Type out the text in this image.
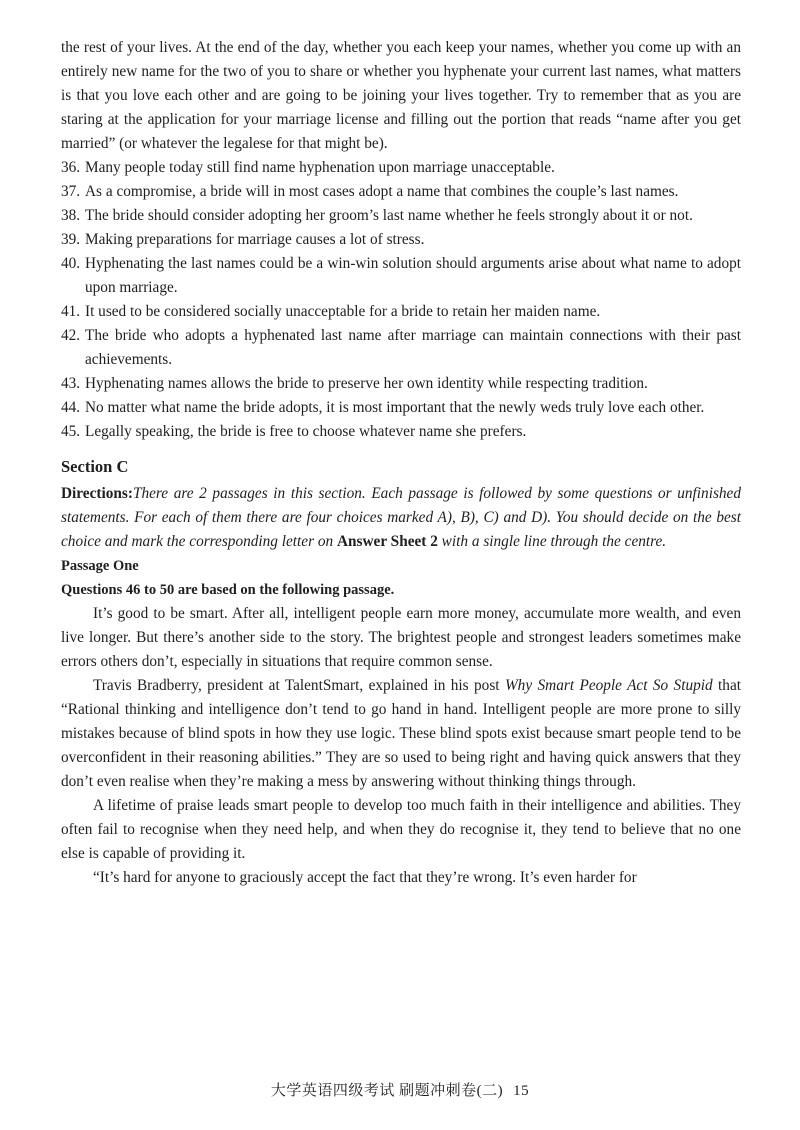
the rest of your lives. At the end of the day, whether you each keep your names, whether you come up with an entirely new name for the two of you to share or whether you hyphenate your current last names, what matters is that you love each other and are going to be joining your lives together. Try to remember that as you are staring at the application for your marriage license and filling out the portion that reads “name after you get married” (or whatever the legalese for that might be).

36. Many people today still find name hyphenation upon marriage unacceptable.

37. As a compromise, a bride will in most cases adopt a name that combines the couple’s last names.

38. The bride should consider adopting her groom’s last name whether he feels strongly about it or not.

39. Making preparations for marriage causes a lot of stress.

40. Hyphenating the last names could be a win-win solution should arguments arise about what name to adopt upon marriage.

41. It used to be considered socially unacceptable for a bride to retain her maiden name.

42. The bride who adopts a hyphenated last name after marriage can maintain connections with their past achievements.

43. Hyphenating names allows the bride to preserve her own identity while respecting tradition.

44. No matter what name the bride adopts, it is most important that the newly weds truly love each other.

45. Legally speaking, the bride is free to choose whatever name she prefers.

Section C

Directions:There are 2 passages in this section. Each passage is followed by some questions or unfinished statements. For each of them there are four choices marked A), B), C) and D). You should decide on the best choice and mark the corresponding letter on Answer Sheet 2 with a single line through the centre.

Passage One

Questions 46 to 50 are based on the following passage.

It’s good to be smart. After all, intelligent people earn more money, accumulate more wealth, and even live longer. But there’s another side to the story. The brightest people and strongest leaders sometimes make errors others don’t, especially in situations that require common sense.

Travis Bradberry, president at TalentSmart, explained in his post Why Smart People Act So Stupid that “Rational thinking and intelligence don’t tend to go hand in hand. Intelligent people are more prone to silly mistakes because of blind spots in how they use logic. These blind spots exist because smart people tend to be overconfident in their reasoning abilities.” They are so used to being right and having quick answers that they don’t even realise when they’re making a mess by answering without thinking things through.

A lifetime of praise leads smart people to develop too much faith in their intelligence and abilities. They often fail to recognise when they need help, and when they do recognise it, they tend to believe that no one else is capable of providing it.

“It’s hard for anyone to graciously accept the fact that they’re wrong. It’s even harder for

大学英语四级考试 刷题冲刺卷(二) 15
